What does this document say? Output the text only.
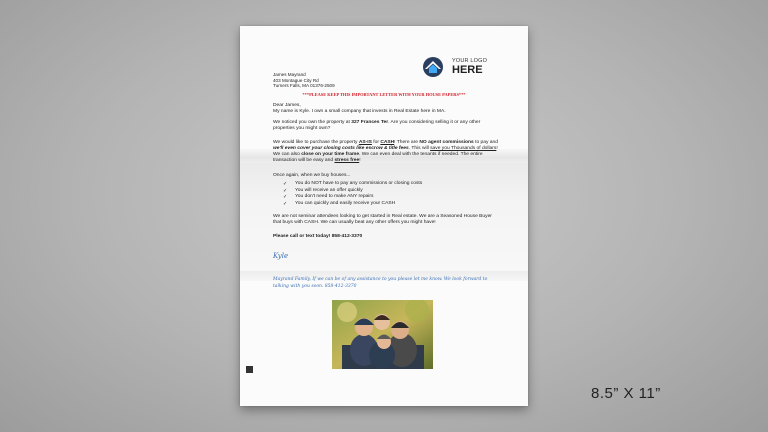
YOUR LOGO
HERE
James Mayrand
403 Montague City Rd
Turners Falls, MA 01376-2509
***PLEASE KEEP THIS IMPORTANT LETTER WITH YOUR HOUSE PAPERS***
Dear James,
My name is Kyle. I own a small company that invests in Real Estate here in MA.
We noticed you own the property at 327 Frances Ter. Are you considering selling it or any other properties you might own?
We would like to purchase the property AS-IS for CASH! There are NO agent commissions to pay and we'll even cover your closing costs like escrow & title fees. This will save you Thousands of dollars! We can also close on your time frame. We can even deal with the tenants if needed. The entire transaction will be easy and stress free!
Once again, when we buy houses...
✓	You do NOT have to pay any commissions or closing costs
✓	You will receive an offer quickly
✓	You don't need to make ANY repairs
✓	You can quickly and easily receive your CASH
We are not seminar attendees looking to get started in Real estate. We are a Seasoned House Buyer that buys with CASH. We can usually beat any other offers you might have!
Please call or text today! 858-412-3370
Kyle
Mayrand Family, If we can be of any assistance to you please let me know. We look forward to talking with you soon. 858-412-3370
8.5” X 11”
